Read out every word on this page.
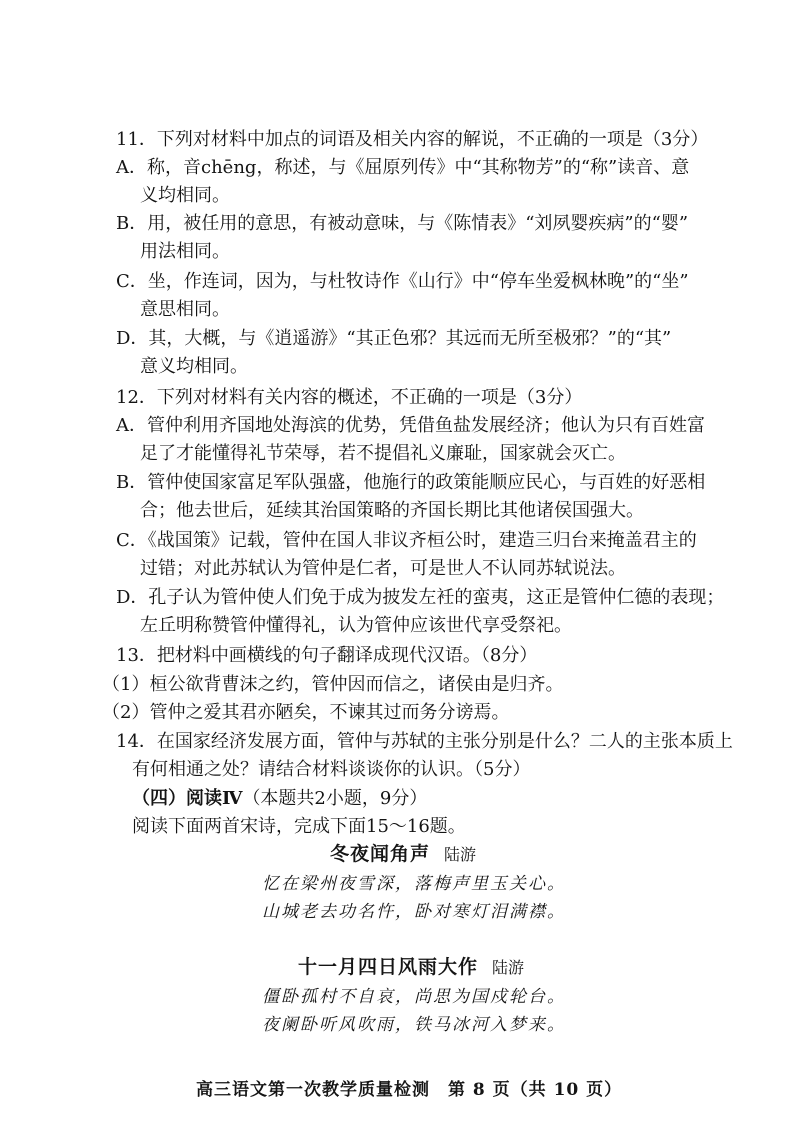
11．下列对材料中加点的词语及相关内容的解说，不正确的一项是（3分）
A．称，音chēng，称述，与《屈原列传》中“其称物芳”的“称”读音、意
义均相同。
B．用，被任用的意思，有被动意味，与《陈情表》“刘夙婴疾病”的“婴”
用法相同。
C．坐，作连词，因为，与杜牧诗作《山行》中“停车坐爱枫林晚”的“坐”
意思相同。
D．其，大概，与《逍遥游》“其正色邪？其远而无所至极邪？”的“其”
意义均相同。
12．下列对材料有关内容的概述，不正确的一项是（3分）
A．管仲利用齐国地处海滨的优势，凭借鱼盐发展经济；他认为只有百姓富
足了才能懂得礼节荣辱，若不提倡礼义廉耻，国家就会灭亡。
B．管仲使国家富足军队强盛，他施行的政策能顺应民心，与百姓的好恶相
合；他去世后，延续其治国策略的齐国长期比其他诸侯国强大。
C．《战国策》记载，管仲在国人非议齐桓公时，建造三归台来掩盖君主的
过错；对此苏轼认为管仲是仁者，可是世人不认同苏轼说法。
D．孔子认为管仲使人们免于成为披发左衽的蛮夷，这正是管仲仁德的表现；
左丘明称赞管仲懂得礼，认为管仲应该世代享受祭祀。
13．把材料中画横线的句子翻译成现代汉语。（8分）
（1）桓公欲背曹沫之约，管仲因而信之，诸侯由是归齐。
（2）管仲之爱其君亦陋矣，不谏其过而务分谤焉。
14．在国家经济发展方面，管仲与苏轼的主张分别是什么？二人的主张本质上
有何相通之处？请结合材料谈谈你的认识。（5分）
（四）阅读Ⅳ（本题共2小题，9分）
阅读下面两首宋诗，完成下面15～16题。
冬夜闻角声 陆游
忆在梁州夜雪深，落梅声里玉关心。
山城老去功名忤，卧对寒灯泪满襟。
十一月四日风雨大作 陆游
僵卧孤村不自哀，尚思为国戍轮台。
夜阑卧听风吹雨，铁马冰河入梦来。
高三语文第一次教学质量检测　第 8 页（共 10 页）
